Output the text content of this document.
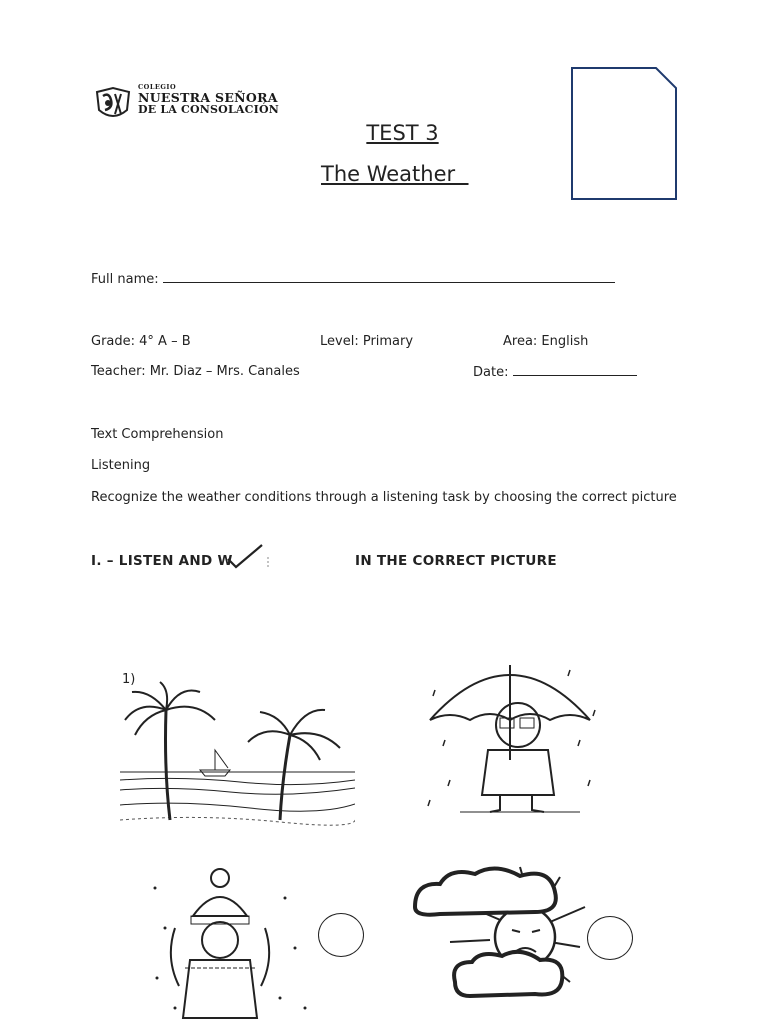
COLEGIO
NUESTRA SEÑORA
DE LA CONSOLACIÓN
TEST 3
The Weather
Full name:
Grade: 4° A – B	Level: Primary	Area: English
Teacher: Mr. Diaz – Mrs. Canales	Date:
Text Comprehension
Listening
Recognize the weather conditions through a listening task by choosing the correct picture
I. – LISTEN AND W	IN THE CORRECT PICTURE
1)
